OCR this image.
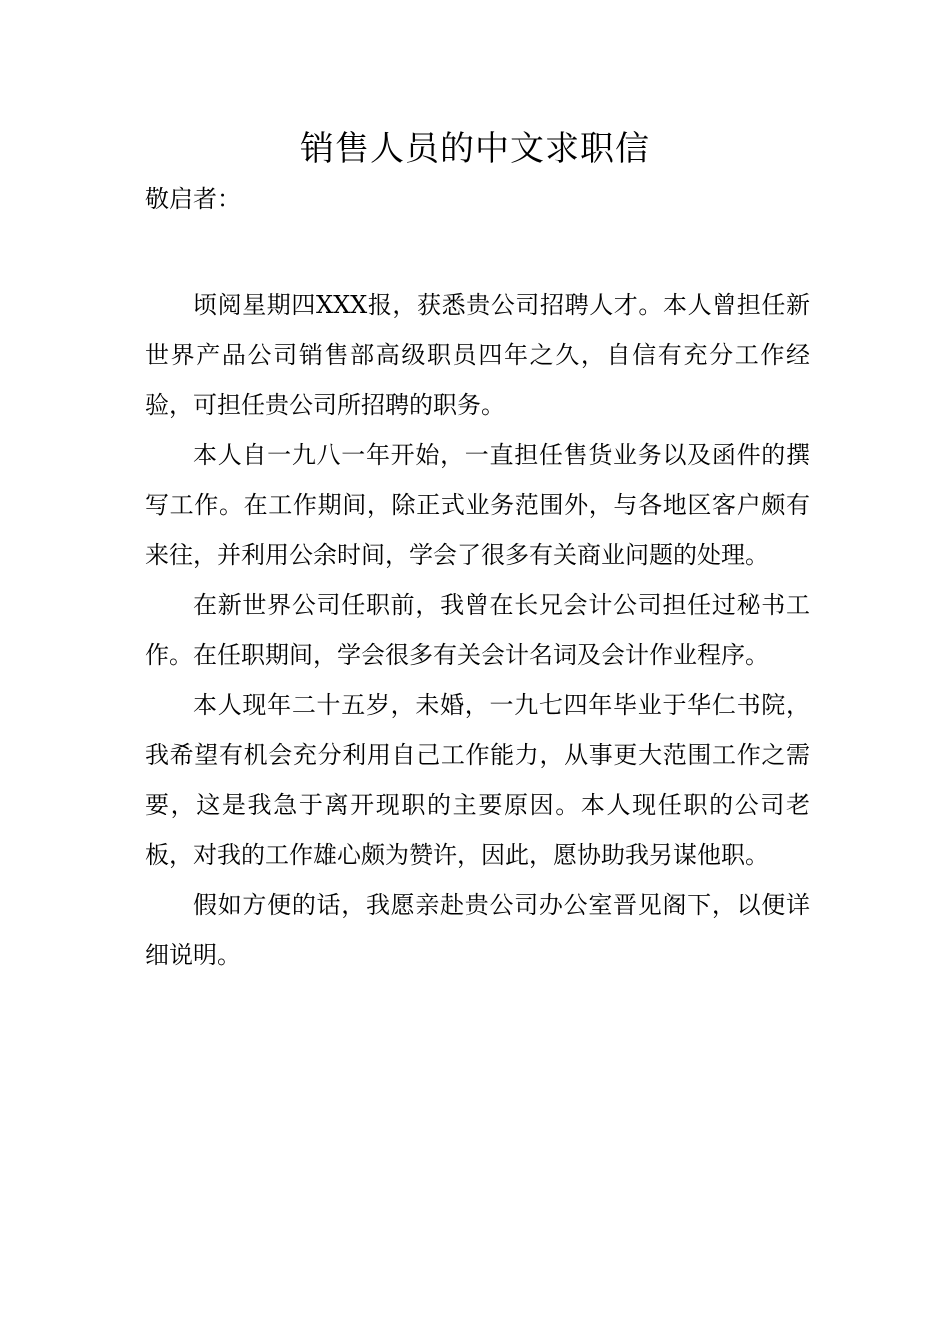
销售人员的中文求职信
敬启者：

顷阅星期四XXX报，获悉贵公司招聘人才。本人曾担任新世界产品公司销售部高级职员四年之久，自信有充分工作经验，可担任贵公司所招聘的职务。

本人自一九八一年开始，一直担任售货业务以及函件的撰写工作。在工作期间，除正式业务范围外，与各地区客户颇有来往，并利用公余时间，学会了很多有关商业问题的处理。

在新世界公司任职前，我曾在长兄会计公司担任过秘书工作。在任职期间，学会很多有关会计名词及会计作业程序。

本人现年二十五岁，未婚，一九七四年毕业于华仁书院，我希望有机会充分利用自己工作能力，从事更大范围工作之需要，这是我急于离开现职的主要原因。本人现任职的公司老板，对我的工作雄心颇为赞许，因此，愿协助我另谋他职。

假如方便的话，我愿亲赴贵公司办公室晋见阁下，以便详细说明。
